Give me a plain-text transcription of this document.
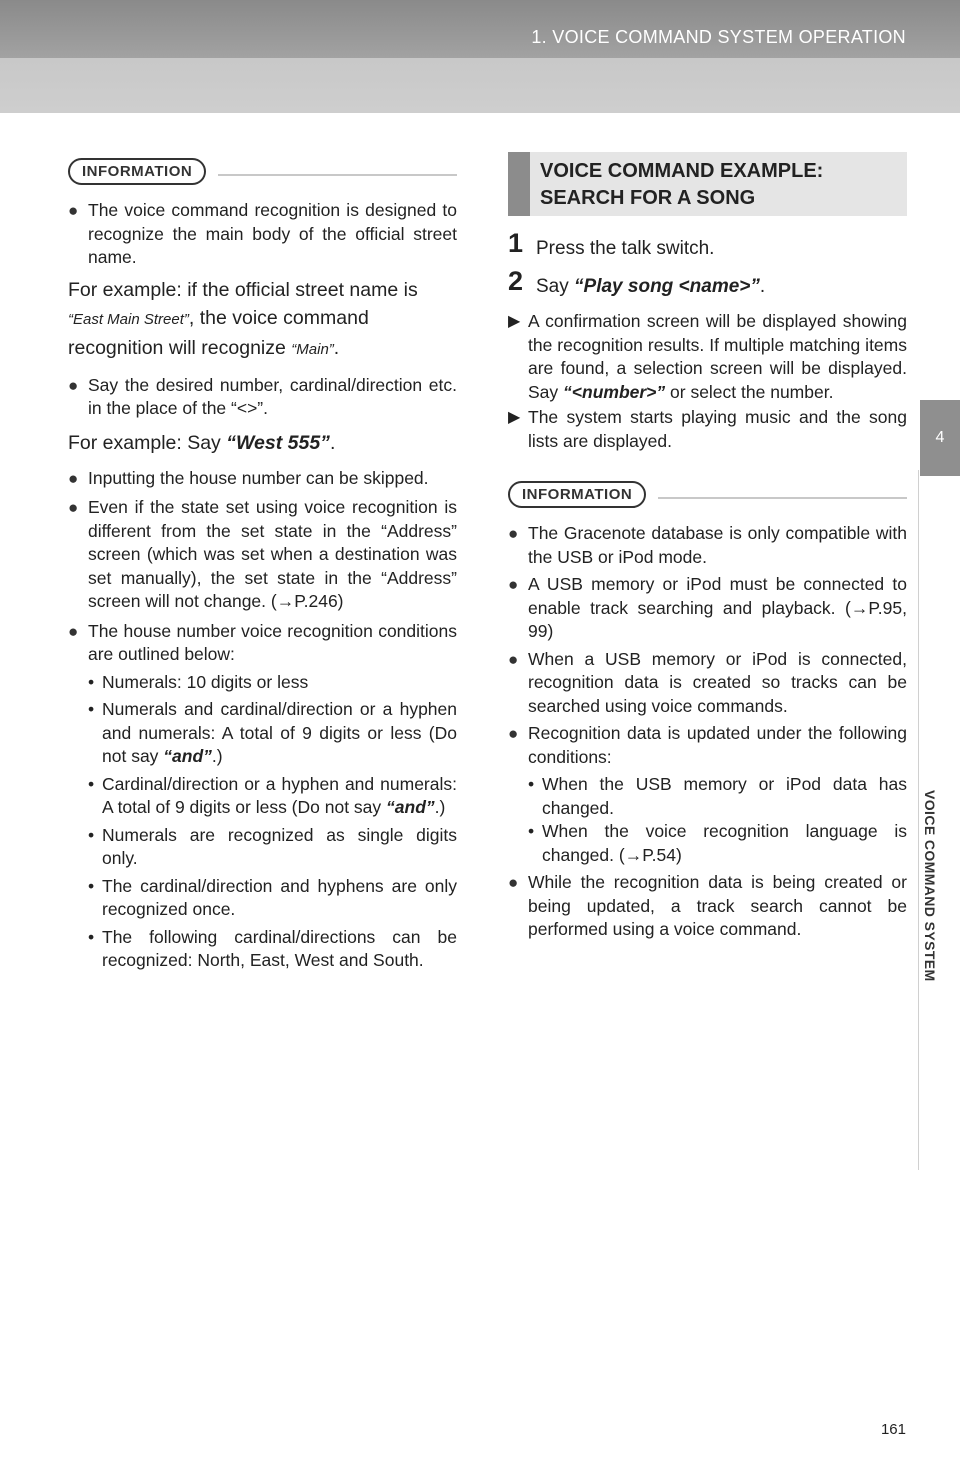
1. VOICE COMMAND SYSTEM OPERATION
4
VOICE COMMAND SYSTEM
INFORMATION

● The voice command recognition is designed to recognize the main body of the official street name.

For example: if the official street name is “East Main Street”, the voice command recognition will recognize “Main”.

● Say the desired number, cardinal/direction etc. in the place of the “<>”.

For example: Say “West 555”.

● Inputting the house number can be skipped.

● Even if the state set using voice recognition is different from the set state in the “Address” screen (which was set when a destination was set manually), the set state in the “Address” screen will not change. (→P.246)

● The house number voice recognition conditions are outlined below:

• Numerals: 10 digits or less

• Numerals and cardinal/direction or a hyphen and numerals: A total of 9 digits or less (Do not say “and”.)

• Cardinal/direction or a hyphen and numerals: A total of 9 digits or less (Do not say “and”.)

• Numerals are recognized as single digits only.

• The cardinal/direction and hyphens are only recognized once.

• The following cardinal/directions can be recognized: North, East, West and South.

VOICE COMMAND EXAMPLE:
SEARCH FOR A SONG

1 Press the talk switch.

2 Say “Play song <name>”.

▶ A confirmation screen will be displayed showing the recognition results. If multiple matching items are found, a selection screen will be displayed. Say “<number>” or select the number.

▶ The system starts playing music and the song lists are displayed.

INFORMATION

● The Gracenote database is only compatible with the USB or iPod mode.

● A USB memory or iPod must be connected to enable track searching and playback. (→P.95, 99)

● When a USB memory or iPod is connected, recognition data is created so tracks can be searched using voice commands.

● Recognition data is updated under the following conditions:

• When the USB memory or iPod data has changed.

• When the voice recognition language is changed. (→P.54)

● While the recognition data is being created or being updated, a track search cannot be performed using a voice command.

161
